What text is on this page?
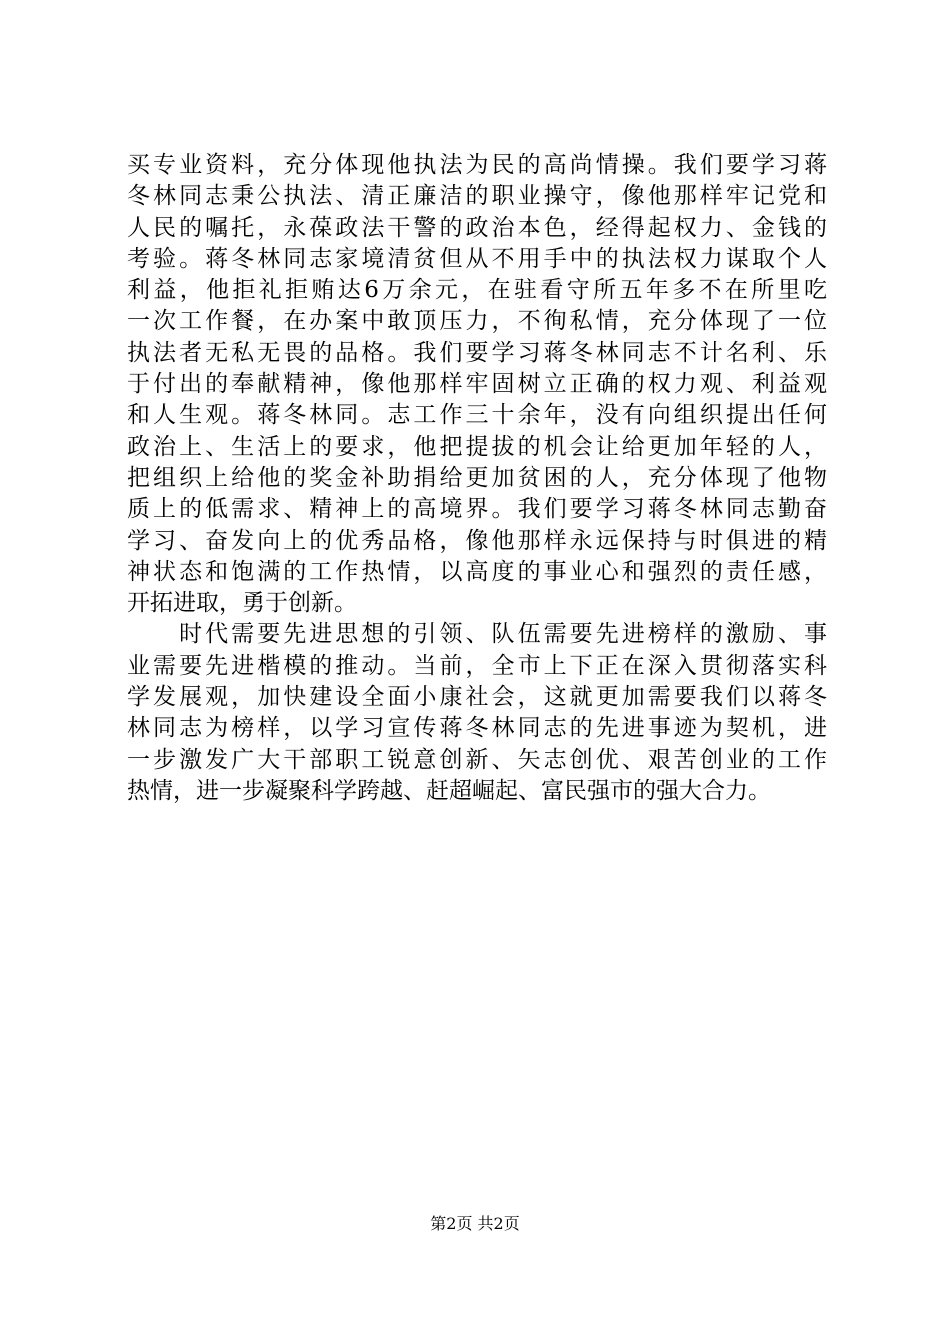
买专业资料，充分体现他执法为民的高尚情操。我们要学习蒋
冬林同志秉公执法、清正廉洁的职业操守，像他那样牢记党和
人民的嘱托，永葆政法干警的政治本色，经得起权力、金钱的
考验。蒋冬林同志家境清贫但从不用手中的执法权力谋取个人
利益，他拒礼拒贿达6万余元，在驻看守所五年多不在所里吃
一次工作餐，在办案中敢顶压力，不徇私情，充分体现了一位
执法者无私无畏的品格。我们要学习蒋冬林同志不计名利、乐
于付出的奉献精神，像他那样牢固树立正确的权力观、利益观
和人生观。蒋冬林同。志工作三十余年，没有向组织提出任何
政治上、生活上的要求，他把提拔的机会让给更加年轻的人，
把组织上给他的奖金补助捐给更加贫困的人，充分体现了他物
质上的低需求、精神上的高境界。我们要学习蒋冬林同志勤奋
学习、奋发向上的优秀品格，像他那样永远保持与时俱进的精
神状态和饱满的工作热情，以高度的事业心和强烈的责任感，
开拓进取，勇于创新。
　　时代需要先进思想的引领、队伍需要先进榜样的激励、事
业需要先进楷模的推动。当前，全市上下正在深入贯彻落实科
学发展观，加快建设全面小康社会，这就更加需要我们以蒋冬
林同志为榜样，以学习宣传蒋冬林同志的先进事迹为契机，进
一步激发广大干部职工锐意创新、矢志创优、艰苦创业的工作
热情，进一步凝聚科学跨越、赶超崛起、富民强市的强大合力。
第2页 共2页
